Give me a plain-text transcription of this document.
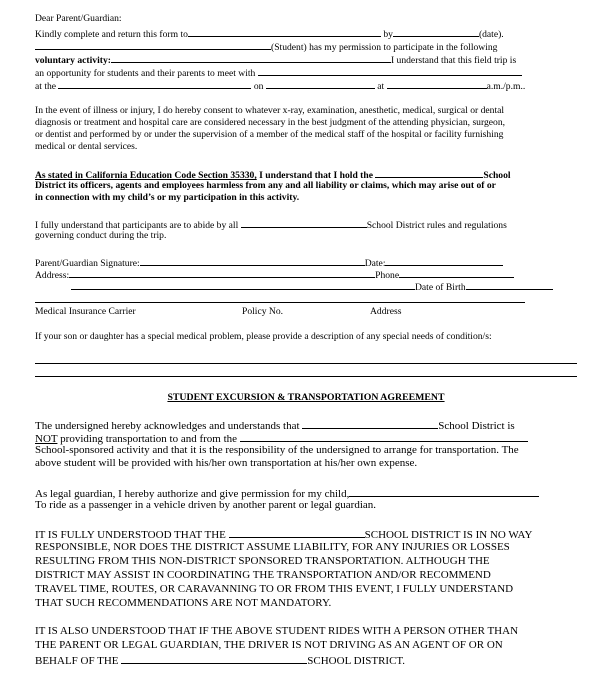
Dear Parent/Guardian:
Kindly complete and return this form to	by	(date).
(Student) has my permission to participate in the following
voluntary activity:	I understand that this field trip is
an opportunity for students and their parents to meet with
at the	on	at	a.m./p.m..
In the event of illness or injury, I do hereby consent to whatever x-ray, examination, anesthetic, medical, surgical or dental
diagnosis or treatment and hospital care are considered necessary in the best judgment of the attending physician, surgeon,
or dentist and performed by or under the supervision of a member of the medical staff of the hospital or facility furnishing
medical or dental services.
As stated in California Education Code Section 35330, I understand that I hold the	School
District its officers, agents and employees harmless from any and all liability or claims, which may arise out of or
in connection with my child’s or my participation in this activity.
I fully understand that participants are to abide by all	School District rules and regulations
governing conduct during the trip.
Parent/Guardian Signature:	Date:
Address:	Phone
Date of Birth
Medical Insurance Carrier	Policy No.	Address
If your son or daughter has a special medical problem, please provide a description of any special needs of condition/s:
STUDENT EXCURSION & TRANSPORTATION AGREEMENT
The undersigned hereby acknowledges and understands that	School District is
NOT providing transportation to and from the
School-sponsored activity and that it is the responsibility of the undersigned to arrange for transportation. The
above student will be provided with his/her own transportation at his/her own expense.
As legal guardian, I hereby authorize and give permission for my child,
To ride as a passenger in a vehicle driven by another parent or legal guardian.
IT IS FULLY UNDERSTOOD THAT THE	SCHOOL DISTRICT IS IN NO WAY
RESPONSIBLE, NOR DOES THE DISTRICT ASSUME LIABILITY, FOR ANY INJURIES OR LOSSES
RESULTING FROM THIS NON-DISTRICT SPONSORED TRANSPORTATION. ALTHOUGH THE
DISTRICT MAY ASSIST IN COORDINATING THE TRANSPORTATION AND/OR RECOMMEND
TRAVEL TIME, ROUTES, OR CARAVANNING TO OR FROM THIS EVENT, I FULLY UNDERSTAND
THAT SUCH RECOMMENDATIONS ARE NOT MANDATORY.
IT IS ALSO UNDERSTOOD THAT IF THE ABOVE STUDENT RIDES WITH A PERSON OTHER THAN
THE PARENT OR LEGAL GUARDIAN, THE DRIVER IS NOT DRIVING AS AN AGENT OF OR ON
BEHALF OF THE	SCHOOL DISTRICT.
